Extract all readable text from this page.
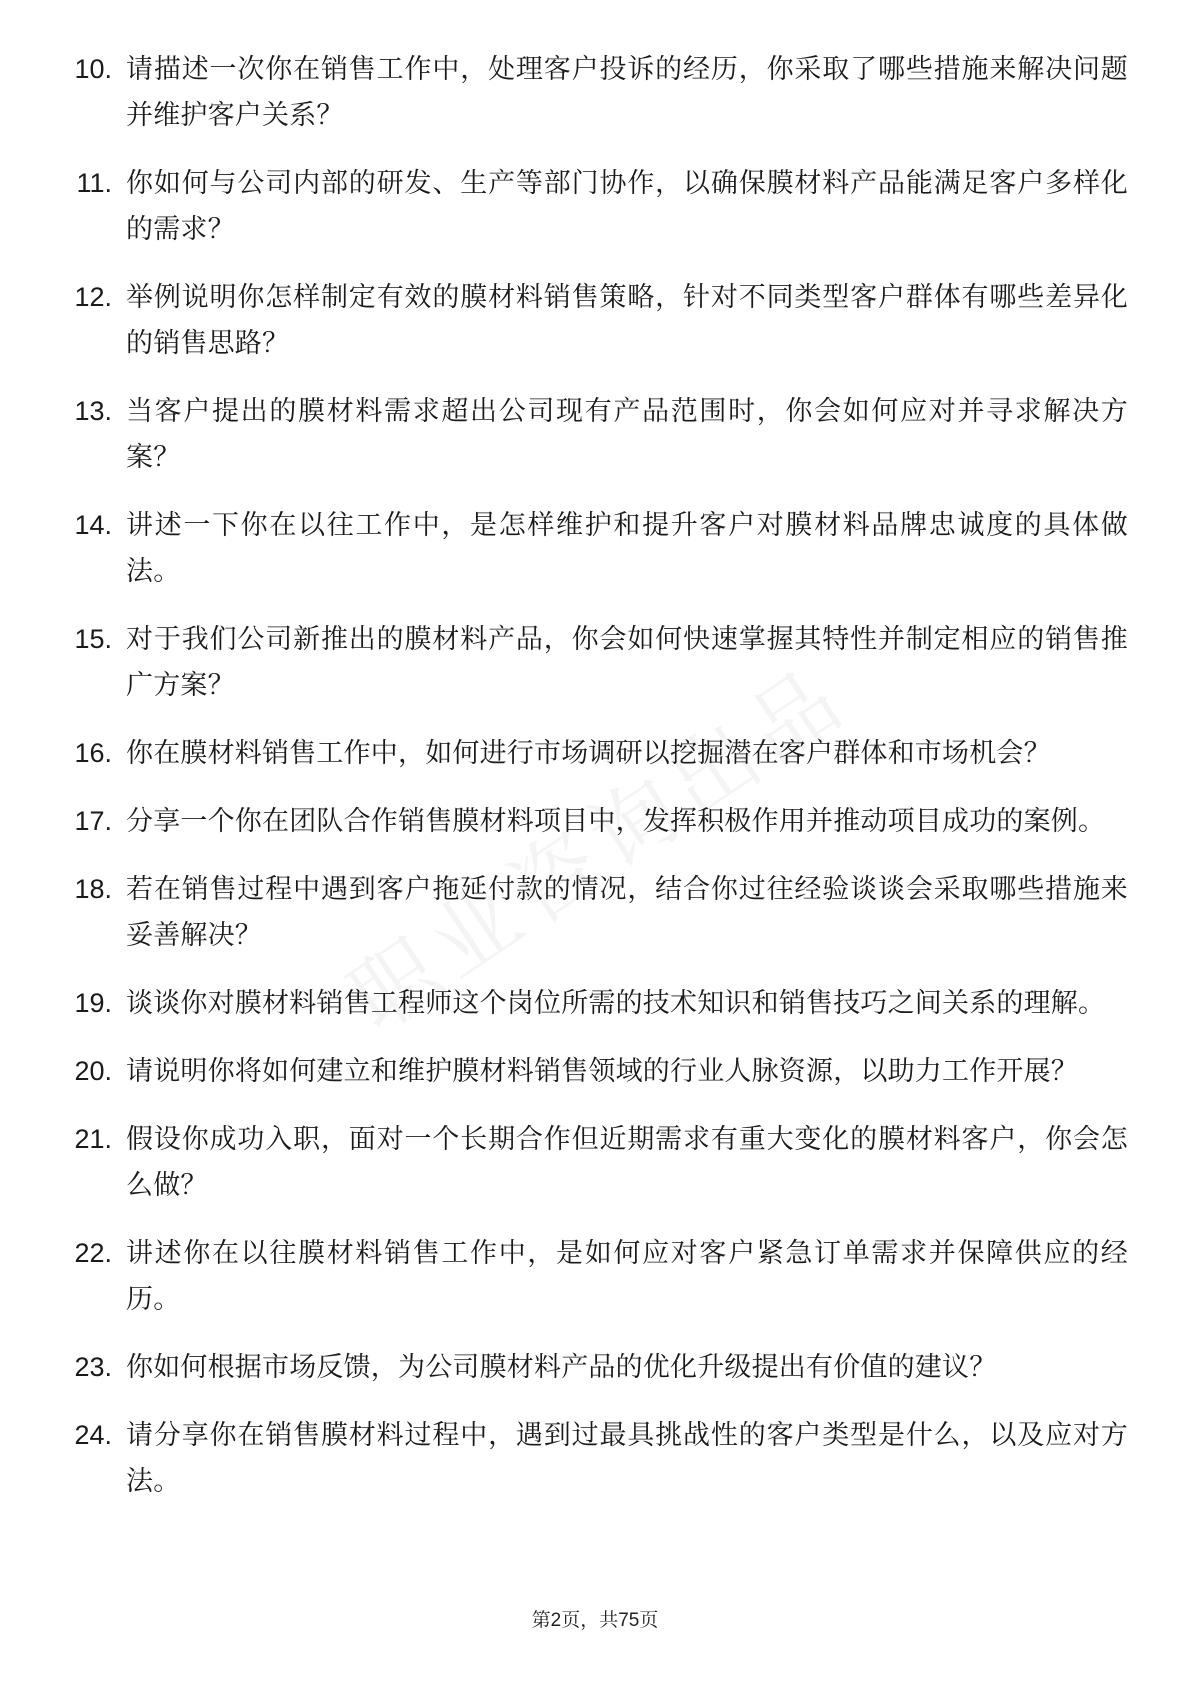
10. 请描述一次你在销售工作中，处理客户投诉的经历，你采取了哪些措施来解决问题并维护客户关系？
11. 你如何与公司内部的研发、生产等部门协作，以确保膜材料产品能满足客户多样化的需求？
12. 举例说明你怎样制定有效的膜材料销售策略，针对不同类型客户群体有哪些差异化的销售思路？
13. 当客户提出的膜材料需求超出公司现有产品范围时，你会如何应对并寻求解决方案？
14. 讲述一下你在以往工作中，是怎样维护和提升客户对膜材料品牌忠诚度的具体做法。
15. 对于我们公司新推出的膜材料产品，你会如何快速掌握其特性并制定相应的销售推广方案？
16. 你在膜材料销售工作中，如何进行市场调研以挖掘潜在客户群体和市场机会？
17. 分享一个你在团队合作销售膜材料项目中，发挥积极作用并推动项目成功的案例。
18. 若在销售过程中遇到客户拖延付款的情况，结合你过往经验谈谈会采取哪些措施来妥善解决？
19. 谈谈你对膜材料销售工程师这个岗位所需的技术知识和销售技巧之间关系的理解。
20. 请说明你将如何建立和维护膜材料销售领域的行业人脉资源，以助力工作开展？
21. 假设你成功入职，面对一个长期合作但近期需求有重大变化的膜材料客户，你会怎么做？
22. 讲述你在以往膜材料销售工作中，是如何应对客户紧急订单需求并保障供应的经历。
23. 你如何根据市场反馈，为公司膜材料产品的优化升级提出有价值的建议？
24. 请分享你在销售膜材料过程中，遇到过最具挑战性的客户类型是什么，以及应对方法。
第2页，共75页
